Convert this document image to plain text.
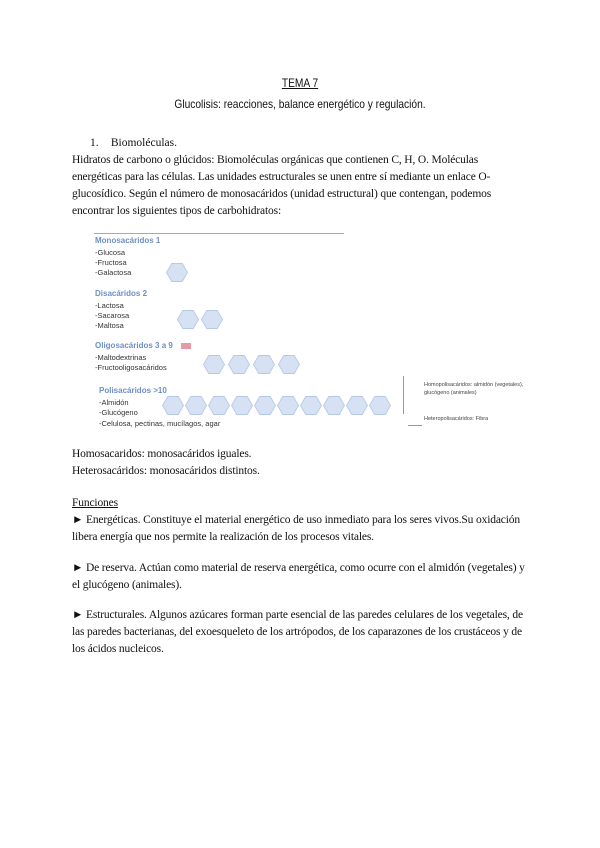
TEMA 7
Glucolisis: reacciones, balance energético y regulación.
1. Biomoléculas.
Hidratos de carbono o glúcidos: Biomoléculas orgánicas que contienen C, H, O. Moléculas energéticas para las células. Las unidades estructurales se unen entre sí mediante un enlace O-glucosídico. Según el número de monosacáridos (unidad estructural) que contengan, podemos encontrar los siguientes tipos de carbohidratos:
Monosacáridos 1
-Glucosa
-Fructosa
-Galactosa
Disacáridos 2
-Lactosa
-Sacarosa
-Maltosa
Oligosacáridos 3 a 9
-Maltodextrinas
-Fructooligosacáridos
Polisacáridos >10
-Almidón
-Glucógeno
-Celulosa, pectinas, mucílagos, agar
Homopolisacáridos: almidón (vegetales), glucógeno (animales)
Heteropolisacáridos: Fibra
Homosacaridos: monosacáridos iguales.
Heterosacáridos: monosacáridos distintos.
Funciones
► Energéticas. Constituye el material energético de uso inmediato para los seres vivos.Su oxidación libera energía que nos permite la realización de los procesos vitales.
► De reserva. Actúan como material de reserva energética, como ocurre con el almidón (vegetales) y el glucógeno (animales).
► Estructurales. Algunos azúcares forman parte esencial de las paredes celulares de los vegetales, de las paredes bacterianas, del exoesqueleto de los artrópodos, de los caparazones de los crustáceos y de los ácidos nucleicos.
